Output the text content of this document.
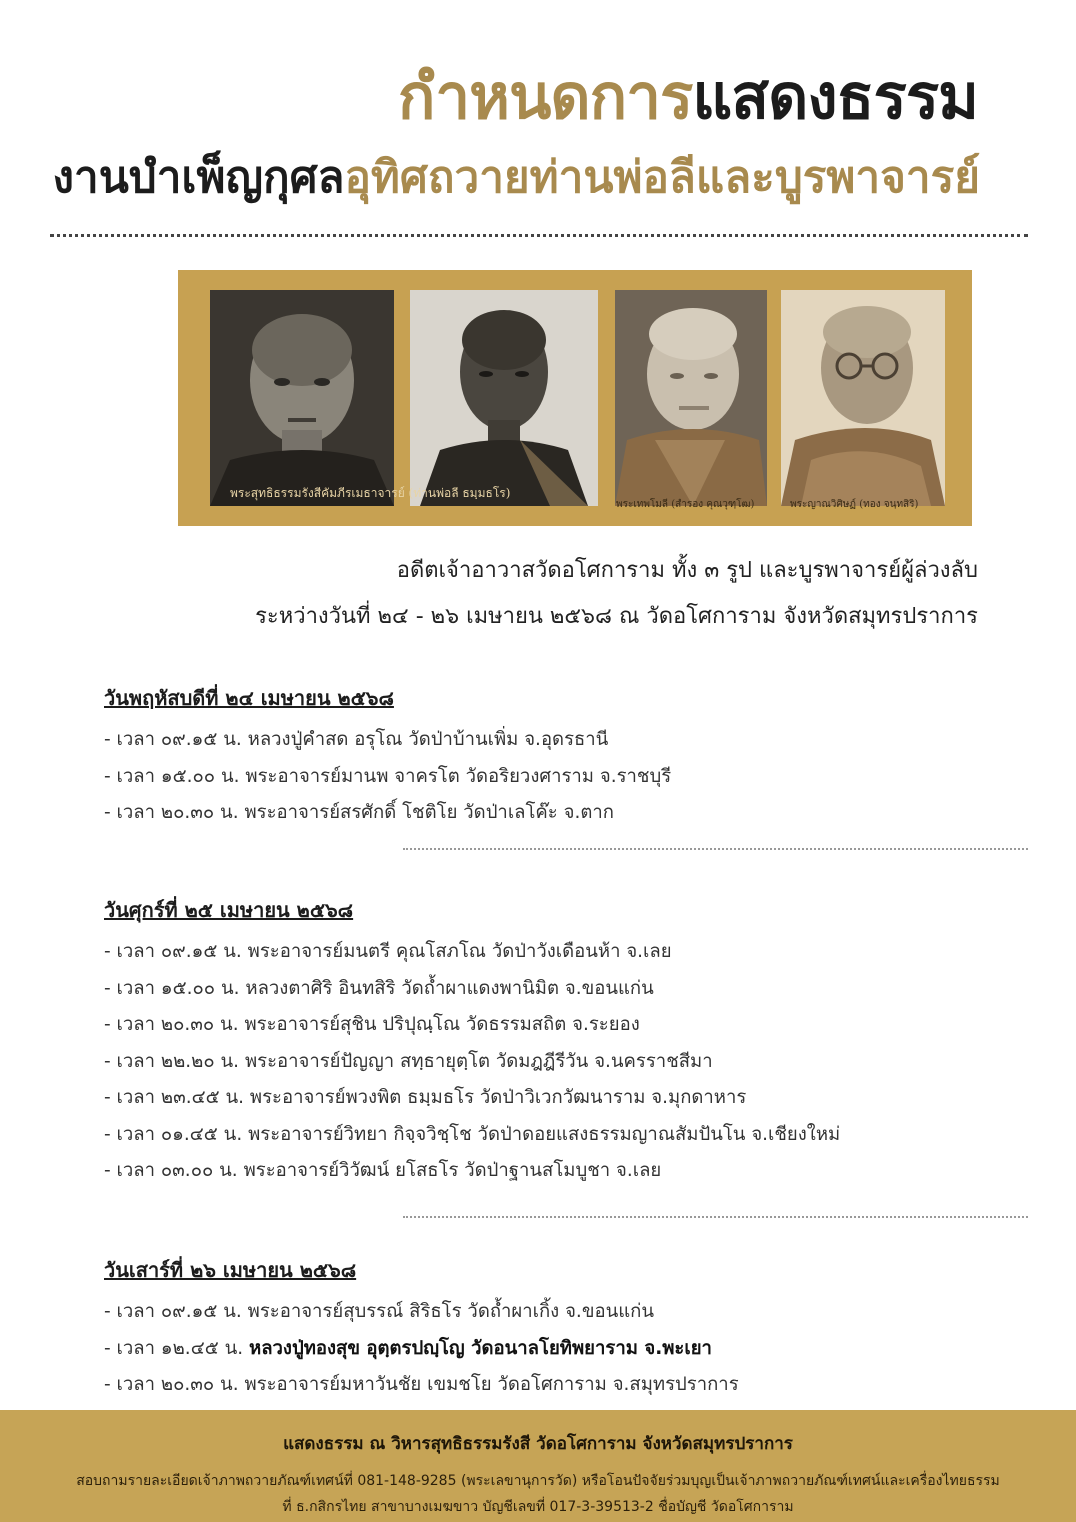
กำหนดการแสดงธรรม
งานบำเพ็ญกุศลอุทิศถวายท่านพ่อลีและบูรพาจารย์
พระสุทธิธรรมรังสีคัมภีรเมธาจารย์ (ท่านพ่อลี ธมฺมธโร)
พระเทพโมลี (สำรอง คุณวุฑฺโฒ)	พระญาณวิศิษฏ์ (ทอง จนฺทสิริ)
อดีตเจ้าอาวาสวัดอโศการาม ทั้ง ๓ รูป และบูรพาจารย์ผู้ล่วงลับ
ระหว่างวันที่ ๒๔ - ๒๖ เมษายน ๒๕๖๘ ณ วัดอโศการาม จังหวัดสมุทรปราการ
วันพฤหัสบดีที่ ๒๔ เมษายน ๒๕๖๘
- เวลา ๐๙.๑๕ น. หลวงปู่คำสด อรุโณ วัดป่าบ้านเพิ่ม จ.อุดรธานี
- เวลา ๑๕.๐๐ น. พระอาจารย์มานพ จาครโต วัดอริยวงศาราม จ.ราชบุรี
- เวลา ๒๐.๓๐ น. พระอาจารย์สรศักดิ์ โชติโย วัดป่าเลโค๊ะ จ.ตาก
วันศุกร์ที่ ๒๕ เมษายน ๒๕๖๘
- เวลา ๐๙.๑๕ น. พระอาจารย์มนตรี คุณโสภโณ วัดป่าวังเดือนห้า จ.เลย
- เวลา ๑๕.๐๐ น. หลวงตาศิริ อินทสิริ วัดถ้ำผาแดงพานิมิต จ.ขอนแก่น
- เวลา ๒๐.๓๐ น. พระอาจารย์สุชิน ปริปุณฺโณ วัดธรรมสถิต จ.ระยอง
- เวลา ๒๒.๒๐ น. พระอาจารย์ปัญญา สทฺธายุตฺโต วัดมฎฎีรีวัน จ.นครราชสีมา
- เวลา ๒๓.๔๕ น. พระอาจารย์พวงพิต ธมฺมธโร วัดป่าวิเวกวัฒนาราม จ.มุกดาหาร
- เวลา ๐๑.๔๕ น. พระอาจารย์วิทยา กิจฺจวิชฺโช วัดป่าดอยแสงธรรมญาณสัมปันโน จ.เชียงใหม่
- เวลา ๐๓.๐๐ น. พระอาจารย์วิวัฒน์ ยโสธโร วัดป่าฐานสโมบูชา จ.เลย
วันเสาร์ที่ ๒๖ เมษายน ๒๕๖๘
- เวลา ๐๙.๑๕ น. พระอาจารย์สุบรรณ์ สิริธโร วัดถ้ำผาเกิ้ง จ.ขอนแก่น
- เวลา ๑๒.๔๕ น. หลวงปู่ทองสุข อุตฺตรปญฺโญ วัดอนาลโยทิพยาราม จ.พะเยา
- เวลา ๒๐.๓๐ น. พระอาจารย์มหาวันชัย เขมชโย วัดอโศการาม จ.สมุทรปราการ
แสดงธรรม ณ วิหารสุทธิธรรมรังสี วัดอโศการาม จังหวัดสมุทรปราการ
สอบถามรายละเอียดเจ้าภาพถวายภัณฑ์เทศน์ที่ 081-148-9285 (พระเลขานุการวัด) หรือโอนปัจจัยร่วมบุญเป็นเจ้าภาพถวายภัณฑ์เทศน์และเครื่องไทยธรรม
ที่ ธ.กสิกรไทย สาขาบางเมฆขาว บัญชีเลขที่ 017-3-39513-2 ชื่อบัญชี วัดอโศการาม
